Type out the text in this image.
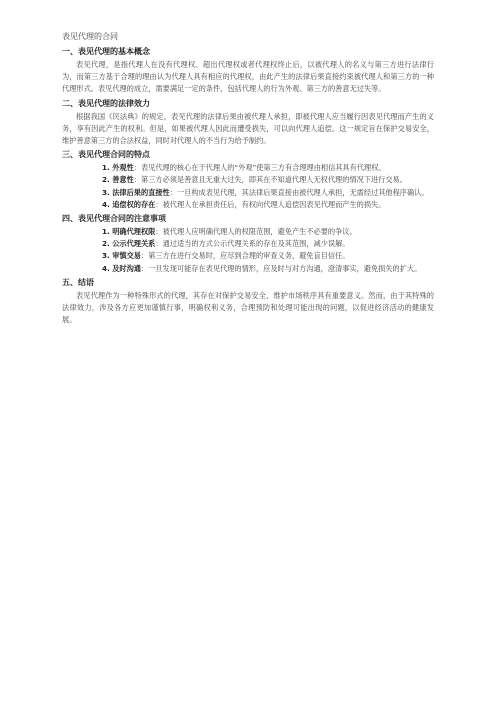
表见代理的合同
一、表见代理的基本概念

表见代理，是指代理人在没有代理权、超出代理权或者代理权终止后，以被代理人的名义与第三方进行法律行为，而第三方基于合理的理由认为代理人具有相应的代理权，由此产生的法律后果直接约束被代理人和第三方的一种代理形式。表见代理的成立，需要满足一定的条件，包括代理人的行为外观、第三方的善意无过失等。

二、表见代理的法律效力

根据我国《民法典》的规定，表见代理的法律后果由被代理人承担，即被代理人应当履行因表见代理而产生的义务，享有因此产生的权利。但是，如果被代理人因此而遭受损失，可以向代理人追偿。这一规定旨在保护交易安全，维护善意第三方的合法权益，同时对代理人的不当行为给予制约。

三、表见代理合同的特点

1. 外观性：表见代理的核心在于代理人的“外观”使第三方有合理理由相信其具有代理权。

2. 善意性：第三方必须是善意且无重大过失，即其在不知道代理人无权代理的情况下进行交易。

3. 法律后果的直接性：一旦构成表见代理，其法律后果直接由被代理人承担，无需经过其他程序确认。

4. 追偿权的存在：被代理人在承担责任后，有权向代理人追偿因表见代理而产生的损失。

四、表见代理合同的注意事项

1. 明确代理权限：被代理人应明确代理人的权限范围，避免产生不必要的争议。

2. 公示代理关系：通过适当的方式公示代理关系的存在及其范围，减少误解。

3. 审慎交易：第三方在进行交易时，应尽到合理的审查义务，避免盲目信任。

4. 及时沟通：一旦发现可能存在表见代理的情形，应及时与对方沟通，澄清事实，避免损失的扩大。

五、结语

表见代理作为一种特殊形式的代理，其存在对保护交易安全、维护市场秩序具有重要意义。然而，由于其特殊的法律效力，涉及各方应更加谨慎行事，明确权利义务，合理预防和处理可能出现的问题，以促进经济活动的健康发展。
